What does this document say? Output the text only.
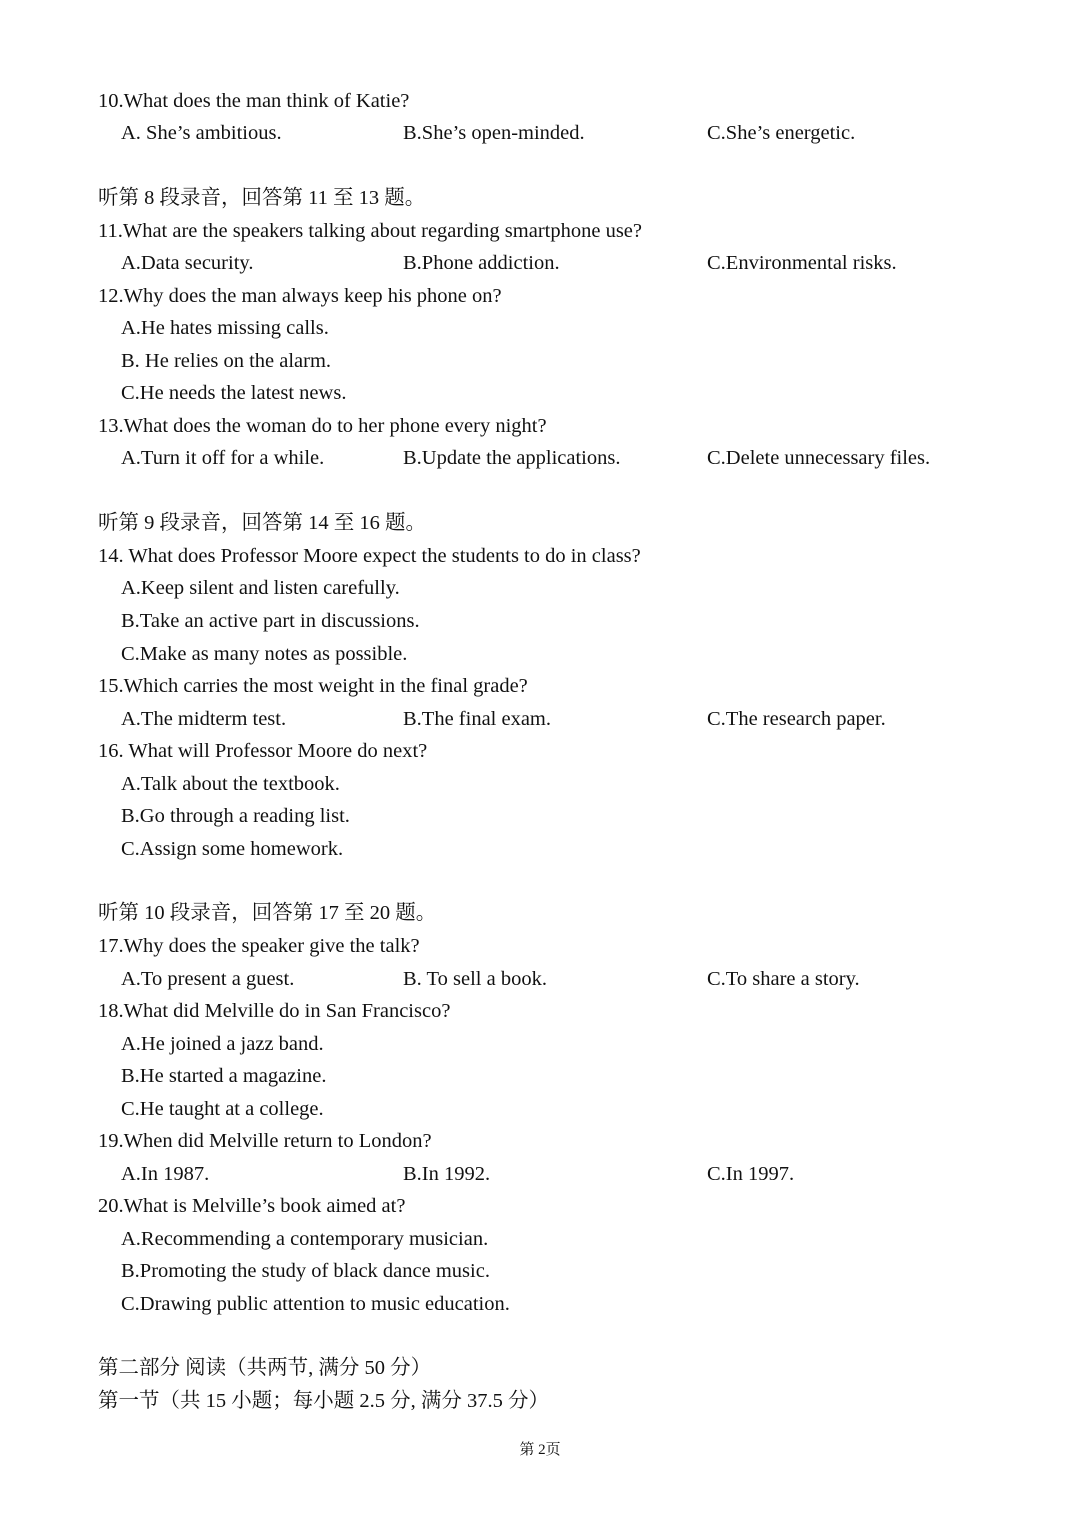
10.What does the man think of Katie?
A. She’s ambitious.	B.She’s open-minded.	C.She’s energetic.
听第 8 段录音，回答第 11 至 13 题。
11.What are the speakers talking about regarding smartphone use?
A.Data security.	B.Phone addiction.	C.Environmental risks.
12.Why does the man always keep his phone on?
A.He hates missing calls.
B. He relies on the alarm.
C.He needs the latest news.
13.What does the woman do to her phone every night?
A.Turn it off for a while.	B.Update the applications.	C.Delete unnecessary files.
听第 9 段录音，回答第 14 至 16 题。
14. What does Professor Moore expect the students to do in class?
A.Keep silent and listen carefully.
B.Take an active part in discussions.
C.Make as many notes as possible.
15.Which carries the most weight in the final grade?
A.The midterm test.	B.The final exam.	C.The research paper.
16. What will Professor Moore do next?
A.Talk about the textbook.
B.Go through a reading list.
C.Assign some homework.
听第 10 段录音，回答第 17 至 20 题。
17.Why does the speaker give the talk?
A.To present a guest.	B. To sell a book.	C.To share a story.
18.What did Melville do in San Francisco?
A.He joined a jazz band.
B.He started a magazine.
C.He taught at a college.
19.When did Melville return to London?
A.In 1987.	B.In 1992.	C.In 1997.
20.What is Melville’s book aimed at?
A.Recommending a contemporary musician.
B.Promoting the study of black dance music.
C.Drawing public attention to music education.
第二部分 阅读（共两节, 满分 50 分）
第一节（共 15 小题；每小题 2.5 分, 满分 37.5 分）
第 2页
